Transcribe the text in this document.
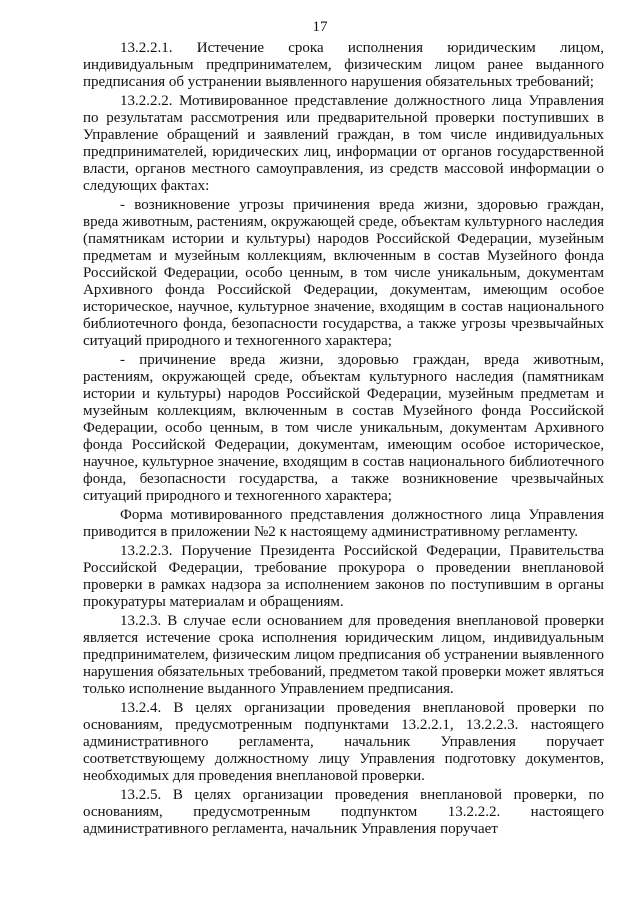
17

13.2.2.1. Истечение срока исполнения юридическим лицом, индивидуальным предпринимателем, физическим лицом ранее выданного предписания об устранении выявленного нарушения обязательных требований;

13.2.2.2. Мотивированное представление должностного лица Управления по результатам рассмотрения или предварительной проверки поступивших в Управление обращений и заявлений граждан, в том числе индивидуальных предпринимателей, юридических лиц, информации от органов государственной власти, органов местного самоуправления, из средств массовой информации о следующих фактах:

- возникновение угрозы причинения вреда жизни, здоровью граждан, вреда животным, растениям, окружающей среде, объектам культурного наследия (памятникам истории и культуры) народов Российской Федерации, музейным предметам и музейным коллекциям, включенным в состав Музейного фонда Российской Федерации, особо ценным, в том числе уникальным, документам Архивного фонда Российской Федерации, документам, имеющим особое историческое, научное, культурное значение, входящим в состав национального библиотечного фонда, безопасности государства, а также угрозы чрезвычайных ситуаций природного и техногенного характера;

- причинение вреда жизни, здоровью граждан, вреда животным, растениям, окружающей среде, объектам культурного наследия (памятникам истории и культуры) народов Российской Федерации, музейным предметам и музейным коллекциям, включенным в состав Музейного фонда Российской Федерации, особо ценным, в том числе уникальным, документам Архивного фонда Российской Федерации, документам, имеющим особое историческое, научное, культурное значение, входящим в состав национального библиотечного фонда, безопасности государства, а также возникновение чрезвычайных ситуаций природного и техногенного характера;

Форма мотивированного представления должностного лица Управления приводится в приложении №2 к настоящему административному регламенту.

13.2.2.3. Поручение Президента Российской Федерации, Правительства Российской Федерации, требование прокурора о проведении внеплановой проверки в рамках надзора за исполнением законов по поступившим в органы прокуратуры материалам и обращениям.

13.2.3. В случае если основанием для проведения внеплановой проверки является истечение срока исполнения юридическим лицом, индивидуальным предпринимателем, физическим лицом предписания об устранении выявленного нарушения обязательных требований, предметом такой проверки может являться только исполнение выданного Управлением предписания.

13.2.4. В целях организации проведения внеплановой проверки по основаниям, предусмотренным подпунктами 13.2.2.1, 13.2.2.3. настоящего административного регламента, начальник Управления поручает соответствующему должностному лицу Управления подготовку документов, необходимых для проведения внеплановой проверки.

13.2.5. В целях организации проведения внеплановой проверки, по основаниям, предусмотренным подпунктом 13.2.2.2. настоящего административного регламента, начальник Управления поручает
